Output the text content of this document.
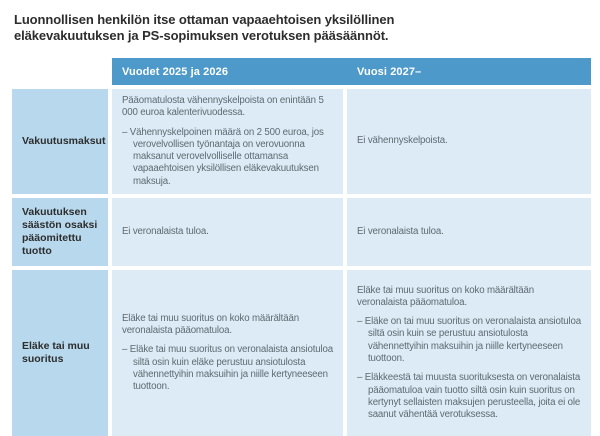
Luonnollisen henkilön itse ottaman vapaaehtoisen yksilöllinen eläkevakuutuksen ja PS-sopimuksen verotuksen pääsäännöt.
Vuodet 2025 ja 2026	Vuosi 2027–
Vakuutusmaksut

Pääomatulosta vähennyskelpoista on enintään 5 000 euroa kalenterivuodessa.

– Vähennyskelpoinen määrä on 2 500 euroa, jos verovelvollisen työnantaja on verovuonna maksanut verovelvolliselle ottamansa vapaaehtoisen yksilöllisen eläkevakuutuksen maksuja.

Ei vähennyskelpoista.

Vakuutuksen säästön osaksi pääomitettu tuotto

Ei veronalaista tuloa.	Ei veronalaista tuloa.

Eläke tai muu suoritus

Eläke tai muu suoritus on koko määrältään veronalaista pääomatuloa.

– Eläke tai muu suoritus on veronalaista ansiotuloa siltä osin kuin eläke perustuu ansiotulosta vähennettyihin maksuihin ja niille kertyneeseen tuottoon.

Eläke tai muu suoritus on koko määrältään veronalaista pääomatuloa.

– Eläke on tai muu suoritus on veronalaista ansiotuloa siltä osin kuin se perustuu ansiotulosta vähennettyihin maksuihin ja niille kertyneeseen tuottoon.

– Eläkkeestä tai muusta suorituksesta on veronalaista pääomatuloa vain tuotto siltä osin kuin suoritus on kertynyt sellaisten maksujen perusteella, joita ei ole saanut vähentää verotuksessa.
